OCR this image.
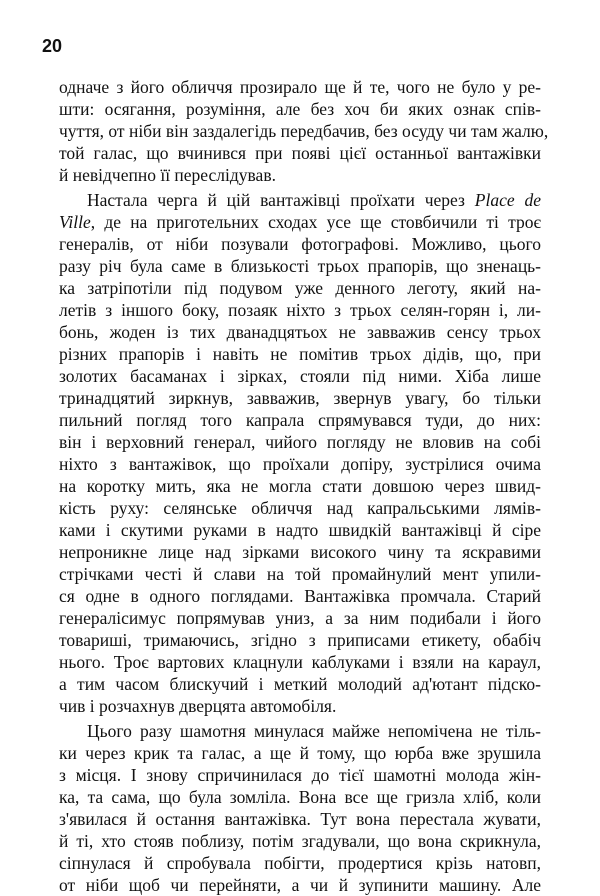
20
одначе з його обличчя прозирало ще й те, чого не було у ре-
шти: осягання, розуміння, але без хоч би яких ознак спів-
чуття, от ніби він заздалегідь передбачив, без осуду чи там жалю,
той галас, що вчинився при появі цієї останньої вантажівки
й невідчепно її переслідував.
Настала черга й цій вантажівці проїхати через Place de
Ville, де на приготельних сходах усе ще стовбичили ті троє
генералів, от ніби позували фотографові. Можливо, цього
разу річ була саме в близькості трьох прапорів, що зненаць-
ка затріпотіли під подувом уже денного леготу, який на-
летів з іншого боку, позаяк ніхто з трьох селян-горян і, ли-
бонь, жоден із тих дванадцятьох не завважив сенсу трьох
різних прапорів і навіть не помітив трьох дідів, що, при
золотих басаманах і зірках, стояли під ними. Хіба лише
тринадцятий зиркнув, завважив, звернув увагу, бо тільки
пильний погляд того капрала спрямувався туди, до них:
він і верховний генерал, чийого погляду не вловив на собі
ніхто з вантажівок, що проїхали допіру, зустрілися очима
на коротку мить, яка не могла стати довшою через швид-
кість руху: селянське обличчя над капральськими лямів-
ками і скутими руками в надто швидкій вантажівці й сіре
непроникне лице над зірками високого чину та яскравими
стрічками честі й слави на той промайнулий мент упили-
ся одне в одного поглядами. Вантажівка промчала. Старий
генералісимус попрямував униз, а за ним подибали і його
товариші, тримаючись, згідно з приписами етикету, обабіч
нього. Троє вартових клацнули каблуками і взяли на караул,
а тим часом блискучий і меткий молодий ад'ютант підско-
чив і розчахнув дверцята автомобіля.
Цього разу шамотня минулася майже непомічена не тіль-
ки через крик та галас, а ще й тому, що юрба вже зрушила
з місця. І знову спричинилася до тієї шамотні молода жін-
ка, та сама, що була зомліла. Вона все ще гризла хліб, коли
з'явилася й остання вантажівка. Тут вона перестала жувати,
й ті, хто стояв поблизу, потім згадували, що вона скрикнула,
сіпнулася й спробувала побігти, продертися крізь натовп,
от ніби щоб чи перейняти, а чи й зупинити машину. Але
